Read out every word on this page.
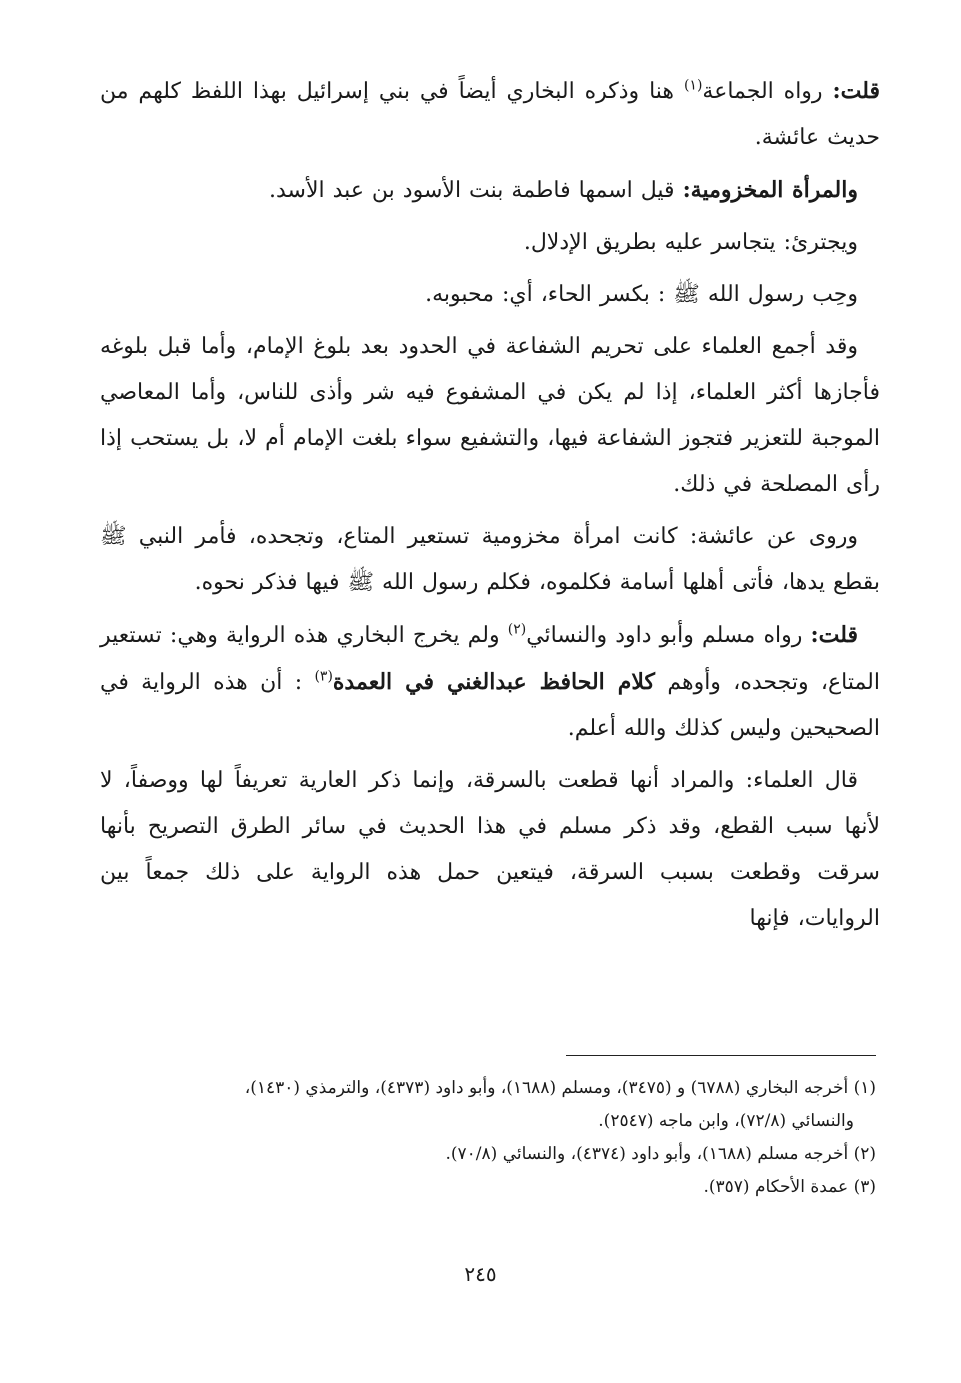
قلت: رواه الجماعة$^{(١)}$ هنا وذكره البخاري أيضاً في بني إسرائيل بهذا اللفظ كلهم من حديث عائشة.

والمرأة المخزومية: قيل اسمها فاطمة بنت الأسود بن عبد الأسد.

ويجترئ: يتجاسر عليه بطريق الإدلال.

وحِب رسول الله ﷺ : بكسر الحاء، أي: محبوبه.

وقد أجمع العلماء على تحريم الشفاعة في الحدود بعد بلوغ الإمام، وأما قبل بلوغه فأجازها أكثر العلماء، إذا لم يكن في المشفوع فيه شر وأذى للناس، وأما المعاصي الموجبة للتعزير فتجوز الشفاعة فيها، والتشفيع سواء بلغت الإمام أم لا، بل يستحب إذا رأى المصلحة في ذلك.

وروى عن عائشة: كانت امرأة مخزومية تستعير المتاع، وتجحده، فأمر النبي ﷺ بقطع يدها، فأتى أهلها أسامة فكلموه، فكلم رسول الله ﷺ فيها فذكر نحوه.

قلت: رواه مسلم وأبو داود والنسائي$^{(٢)}$ ولم يخرج البخاري هذه الرواية وهي: تستعير المتاع، وتجحده، وأوهم كلام الحافظ عبدالغني في العمدة$^{(٣)}$ : أن هذه الرواية في الصحيحين وليس كذلك والله أعلم.

قال العلماء: والمراد أنها قطعت بالسرقة، وإنما ذكر العارية تعريفاً لها ووصفاً، لا لأنها سبب القطع، وقد ذكر مسلم في هذا الحديث في سائر الطرق التصريح بأنها سرقت وقطعت بسبب السرقة، فيتعين حمل هذه الرواية على ذلك جمعاً بين الروايات، فإنها

(١) أخرجه البخاري (٦٧٨٨) و (٣٤٧٥)، ومسلم (١٦٨٨)، وأبو داود (٤٣٧٣)، والترمذي (١٤٣٠)،
والنسائي (٧٢/٨)، وابن ماجه (٢٥٤٧).

(٢) أخرجه مسلم (١٦٨٨)، وأبو داود (٤٣٧٤)، والنسائي (٧٠/٨).

(٣) عمدة الأحكام (٣٥٧).

٢٤٥
